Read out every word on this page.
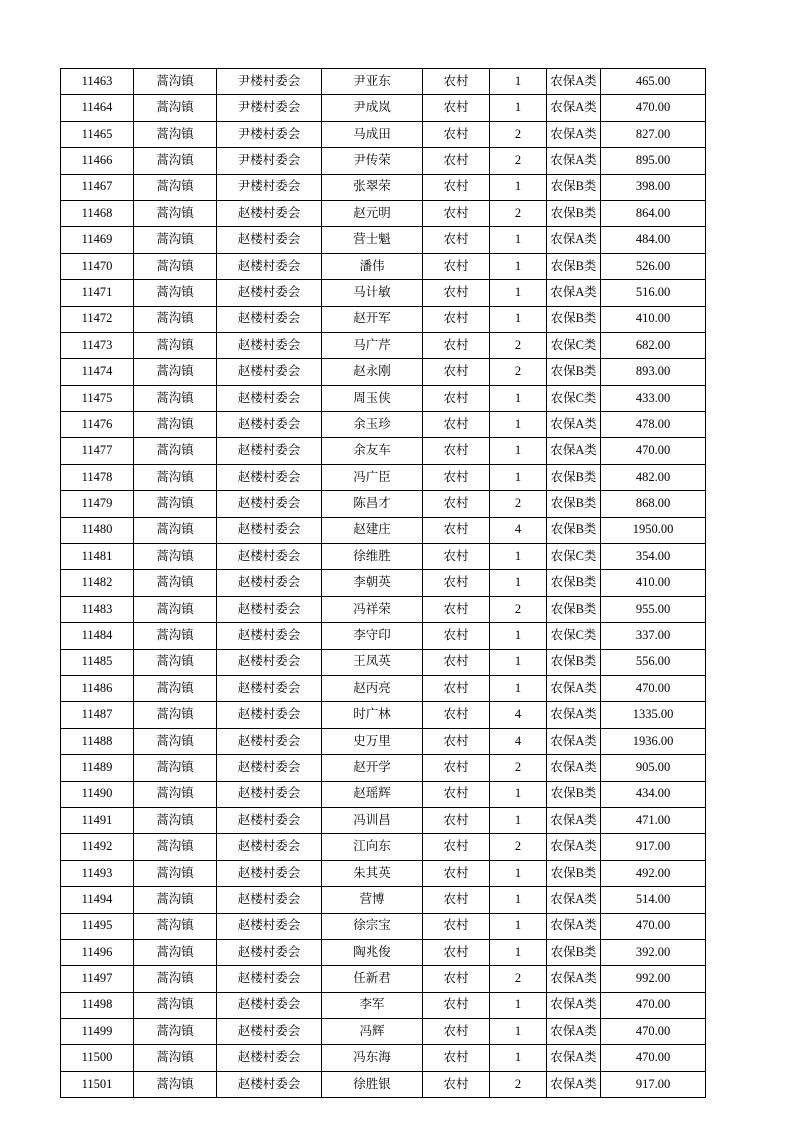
11463	蒿沟镇	尹楼村委会	尹亚东	农村	1	农保A类	465.00
11464	蒿沟镇	尹楼村委会	尹成岚	农村	1	农保A类	470.00
11465	蒿沟镇	尹楼村委会	马成田	农村	2	农保A类	827.00
11466	蒿沟镇	尹楼村委会	尹传荣	农村	2	农保A类	895.00
11467	蒿沟镇	尹楼村委会	张翠荣	农村	1	农保B类	398.00
11468	蒿沟镇	赵楼村委会	赵元明	农村	2	农保B类	864.00
11469	蒿沟镇	赵楼村委会	营士魁	农村	1	农保A类	484.00
11470	蒿沟镇	赵楼村委会	潘伟	农村	1	农保B类	526.00
11471	蒿沟镇	赵楼村委会	马计敏	农村	1	农保A类	516.00
11472	蒿沟镇	赵楼村委会	赵开军	农村	1	农保B类	410.00
11473	蒿沟镇	赵楼村委会	马广芹	农村	2	农保C类	682.00
11474	蒿沟镇	赵楼村委会	赵永刚	农村	2	农保B类	893.00
11475	蒿沟镇	赵楼村委会	周玉侠	农村	1	农保C类	433.00
11476	蒿沟镇	赵楼村委会	余玉珍	农村	1	农保A类	478.00
11477	蒿沟镇	赵楼村委会	余友车	农村	1	农保A类	470.00
11478	蒿沟镇	赵楼村委会	冯广臣	农村	1	农保B类	482.00
11479	蒿沟镇	赵楼村委会	陈昌才	农村	2	农保B类	868.00
11480	蒿沟镇	赵楼村委会	赵建庄	农村	4	农保B类	1950.00
11481	蒿沟镇	赵楼村委会	徐维胜	农村	1	农保C类	354.00
11482	蒿沟镇	赵楼村委会	李朝英	农村	1	农保B类	410.00
11483	蒿沟镇	赵楼村委会	冯祥荣	农村	2	农保B类	955.00
11484	蒿沟镇	赵楼村委会	李守印	农村	1	农保C类	337.00
11485	蒿沟镇	赵楼村委会	王凤英	农村	1	农保B类	556.00
11486	蒿沟镇	赵楼村委会	赵丙亮	农村	1	农保A类	470.00
11487	蒿沟镇	赵楼村委会	时广林	农村	4	农保A类	1335.00
11488	蒿沟镇	赵楼村委会	史万里	农村	4	农保A类	1936.00
11489	蒿沟镇	赵楼村委会	赵开学	农村	2	农保A类	905.00
11490	蒿沟镇	赵楼村委会	赵瑶辉	农村	1	农保B类	434.00
11491	蒿沟镇	赵楼村委会	冯训昌	农村	1	农保A类	471.00
11492	蒿沟镇	赵楼村委会	江向东	农村	2	农保A类	917.00
11493	蒿沟镇	赵楼村委会	朱其英	农村	1	农保B类	492.00
11494	蒿沟镇	赵楼村委会	营博	农村	1	农保A类	514.00
11495	蒿沟镇	赵楼村委会	徐宗宝	农村	1	农保A类	470.00
11496	蒿沟镇	赵楼村委会	陶兆俊	农村	1	农保B类	392.00
11497	蒿沟镇	赵楼村委会	任新君	农村	2	农保A类	992.00
11498	蒿沟镇	赵楼村委会	李军	农村	1	农保A类	470.00
11499	蒿沟镇	赵楼村委会	冯辉	农村	1	农保A类	470.00
11500	蒿沟镇	赵楼村委会	冯东海	农村	1	农保A类	470.00
11501	蒿沟镇	赵楼村委会	徐胜银	农村	2	农保A类	917.00
